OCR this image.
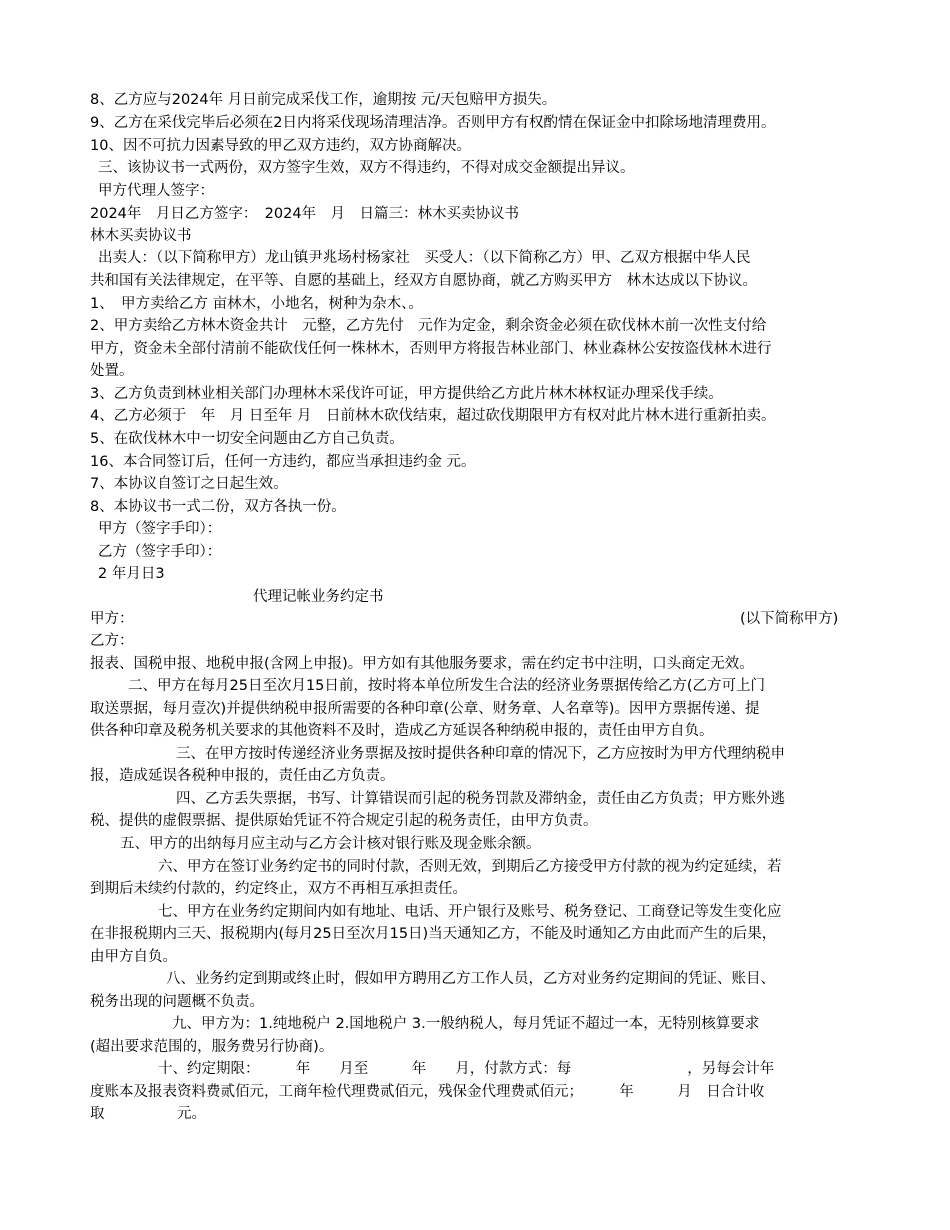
8、乙方应与2024年 月日前完成采伐工作，逾期按 元/天包赔甲方损失。
9、乙方在采伐完毕后必须在2日内将采伐现场清理洁净。否则甲方有权酌情在保证金中扣除场地清理费用。
10、因不可抗力因素导致的甲乙双方违约，双方协商解决。
三、该协议书一式两份，双方签字生效，双方不得违约，不得对成交金额提出异议。
甲方代理人签字：
2024年　月日乙方签字：　2024年　月　日篇三：林木买卖协议书
林木买卖协议书
出卖人：（以下简称甲方）龙山镇尹兆场村杨家社　买受人：（以下简称乙方）甲、乙双方根据中华人民
共和国有关法律规定，在平等、自愿的基础上，经双方自愿协商，就乙方购买甲方　林木达成以下协议。
1、　甲方卖给乙方 亩林木，小地名，树种为杂木、。
2、甲方卖给乙方林木资金共计　元整，乙方先付　元作为定金，剩余资金必须在砍伐林木前一次性支付给
甲方，资金未全部付清前不能砍伐任何一株林木，否则甲方将报告林业部门、林业森林公安按盗伐林木进行
处置。
3、乙方负责到林业相关部门办理林木采伐许可证，甲方提供给乙方此片林木林权证办理采伐手续。
4、乙方必须于　年　月 日至年 月　日前林木砍伐结束，超过砍伐期限甲方有权对此片林木进行重新拍卖。
5、在砍伐林木中一切安全问题由乙方自己负责。
16、本合同签订后，任何一方违约，都应当承担违约金 元。
7、本协议自签订之日起生效。
8、本协议书一式二份，双方各执一份。
甲方（签字手印）：
乙方（签字手印）：
2 年月日3
代理记帐业务约定书
甲方：	(以下简称甲方)
乙方：
报表、国税申报、地税申报(含网上申报)。甲方如有其他服务要求，需在约定书中注明，口头商定无效。
二、甲方在每月25日至次月15日前，按时将本单位所发生合法的经济业务票据传给乙方(乙方可上门
取送票据，每月壹次)并提供纳税申报所需要的各种印章(公章、财务章、人名章等)。因甲方票据传递、提
供各种印章及税务机关要求的其他资料不及时，造成乙方延误各种纳税申报的，责任由甲方自负。
三、在甲方按时传递经济业务票据及按时提供各种印章的情况下，乙方应按时为甲方代理纳税申
报，造成延误各税种申报的，责任由乙方负责。
四、乙方丢失票据，书写、计算错误而引起的税务罚款及滞纳金，责任由乙方负责；甲方账外逃
税、提供的虚假票据、提供原始凭证不符合规定引起的税务责任，由甲方负责。
五、甲方的出纳每月应主动与乙方会计核对银行账及现金账余额。
六、甲方在签订业务约定书的同时付款，否则无效，到期后乙方接受甲方付款的视为约定延续，若
到期后未续约付款的，约定终止，双方不再相互承担责任。
七、甲方在业务约定期间内如有地址、电话、开户银行及账号、税务登记、工商登记等发生变化应
在非报税期内三天、报税期内(每月25日至次月15日)当天通知乙方，不能及时通知乙方由此而产生的后果，
由甲方自负。
八、业务约定到期或终止时，假如甲方聘用乙方工作人员，乙方对业务约定期间的凭证、账目、
税务出现的问题概不负责。
九、甲方为：1.纯地税户 2.国地税户 3.一般纳税人，每月凭证不超过一本，无特别核算要求
(超出要求范围的，服务费另行协商)。
十、约定期限：　　　年　　月至　　　年　　月，付款方式：每　　　　　　　　，另每会计年
度账本及报表资料费贰佰元，工商年检代理费贰佰元，残保金代理费贰佰元；　　　年　　　月　日合计收
取　　　　　元。
